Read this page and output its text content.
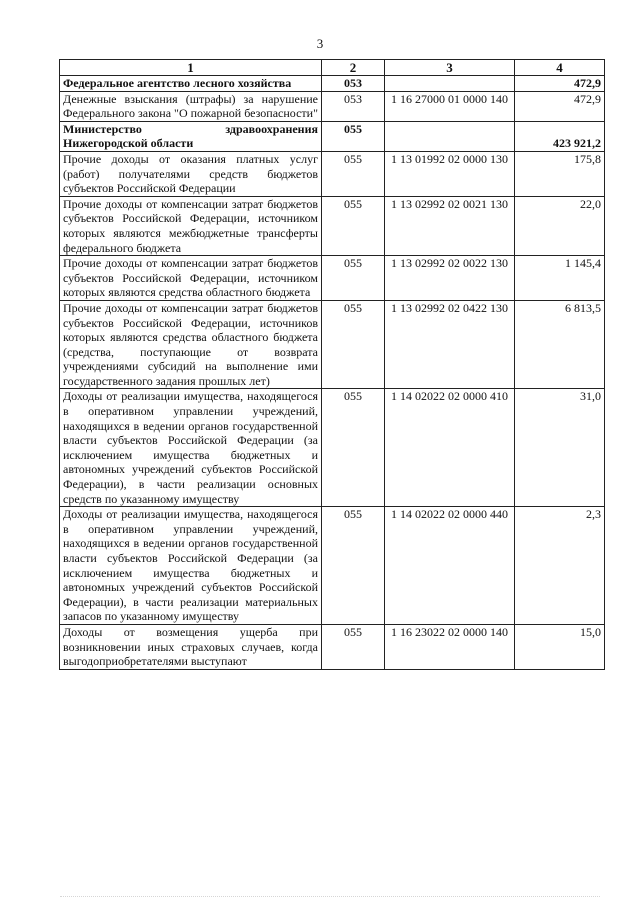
3
1	2	3	4
Федеральное агентство лесного хозяйства	053		472,9
Денежные взыскания (штрафы) за нарушение Федерального закона "О пожарной безопасности"	053	1 16 27000 01 0000 140	472,9
Министерство здравоохранения Нижегородской области	055		423 921,2
Прочие доходы от оказания платных услуг (работ) получателями средств бюджетов субъектов Российской Федерации	055	1 13 01992 02 0000 130	175,8
Прочие доходы от компенсации затрат бюджетов субъектов Российской Федерации, источником которых являются межбюджетные трансферты федерального бюджета	055	1 13 02992 02 0021 130	22,0
Прочие доходы от компенсации затрат бюджетов субъектов Российской Федерации, источником которых являются средства областного бюджета	055	1 13 02992 02 0022 130	1 145,4
Прочие доходы от компенсации затрат бюджетов субъектов Российской Федерации, источников которых являются средства областного бюджета (средства, поступающие от возврата учреждениями субсидий на выполнение ими государственного задания прошлых лет)	055	1 13 02992 02 0422 130	6 813,5
Доходы от реализации имущества, находящегося в оперативном управлении учреждений, находящихся в ведении органов государственной власти субъектов Российской Федерации (за исключением имущества бюджетных и автономных учреждений субъектов Российской Федерации), в части реализации основных средств по указанному имуществу	055	1 14 02022 02 0000 410	31,0
Доходы от реализации имущества, находящегося в оперативном управлении учреждений, находящихся в ведении органов государственной власти субъектов Российской Федерации (за исключением имущества бюджетных и автономных учреждений субъектов Российской Федерации), в части реализации материальных запасов по указанному имуществу	055	1 14 02022 02 0000 440	2,3
Доходы от возмещения ущерба при возникновении иных страховых случаев, когда выгодоприобретателями выступают	055	1 16 23022 02 0000 140	15,0
